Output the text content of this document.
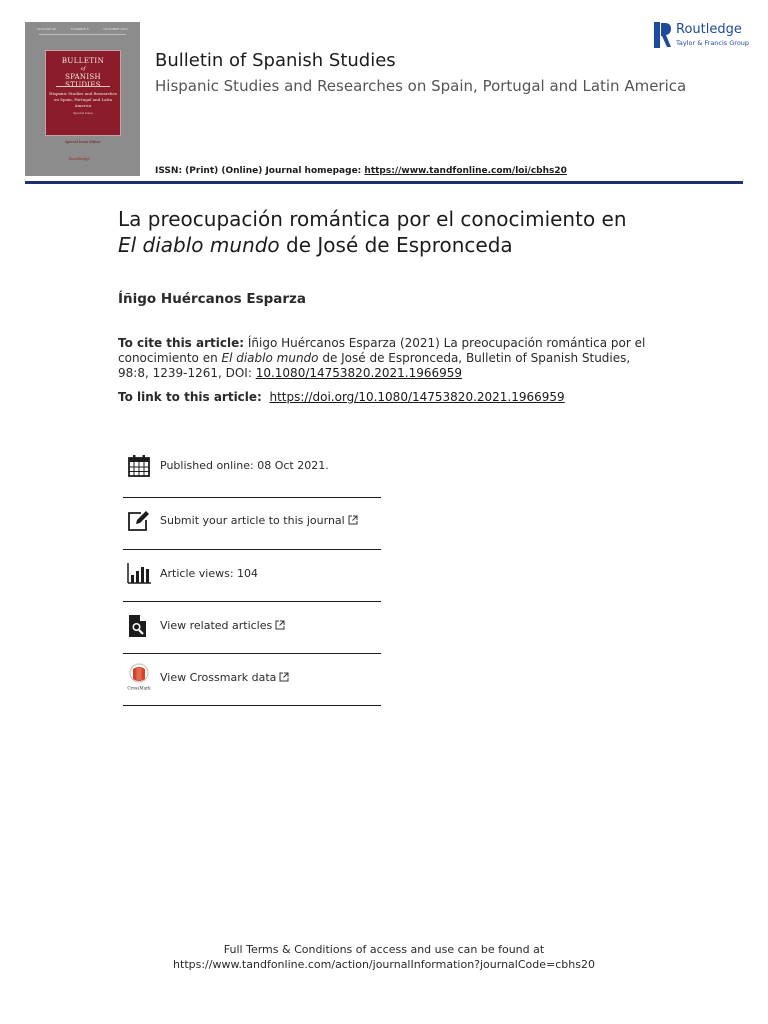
VOLUME 98	NUMBER 8	OCTOBER 2021
BULLETIN
of
SPANISH STUDIES
Hispanic Studies and Researches on Spain, Portugal and Latin America
Special Issue
Special Issue Editor
Routledge
Bulletin of Spanish Studies
Hispanic Studies and Researches on Spain, Portugal and Latin America
ISSN: (Print) (Online) Journal homepage: https://www.tandfonline.com/loi/cbhs20
Routledge
Taylor & Francis Group
La preocupación romántica por el conocimiento en
El diablo mundo de José de Espronceda
Íñigo Huércanos Esparza
To cite this article: Íñigo Huércanos Esparza (2021) La preocupación romántica por el conocimiento en El diablo mundo de José de Espronceda, Bulletin of Spanish Studies, 98:8, 1239-1261, DOI: 10.1080/14753820.2021.1966959
To link to this article: https://doi.org/10.1080/14753820.2021.1966959
Published online: 08 Oct 2021.
Submit your article to this journal
Article views: 104
View related articles
CrossMark
View Crossmark data
Full Terms & Conditions of access and use can be found at
https://www.tandfonline.com/action/journalInformation?journalCode=cbhs20
